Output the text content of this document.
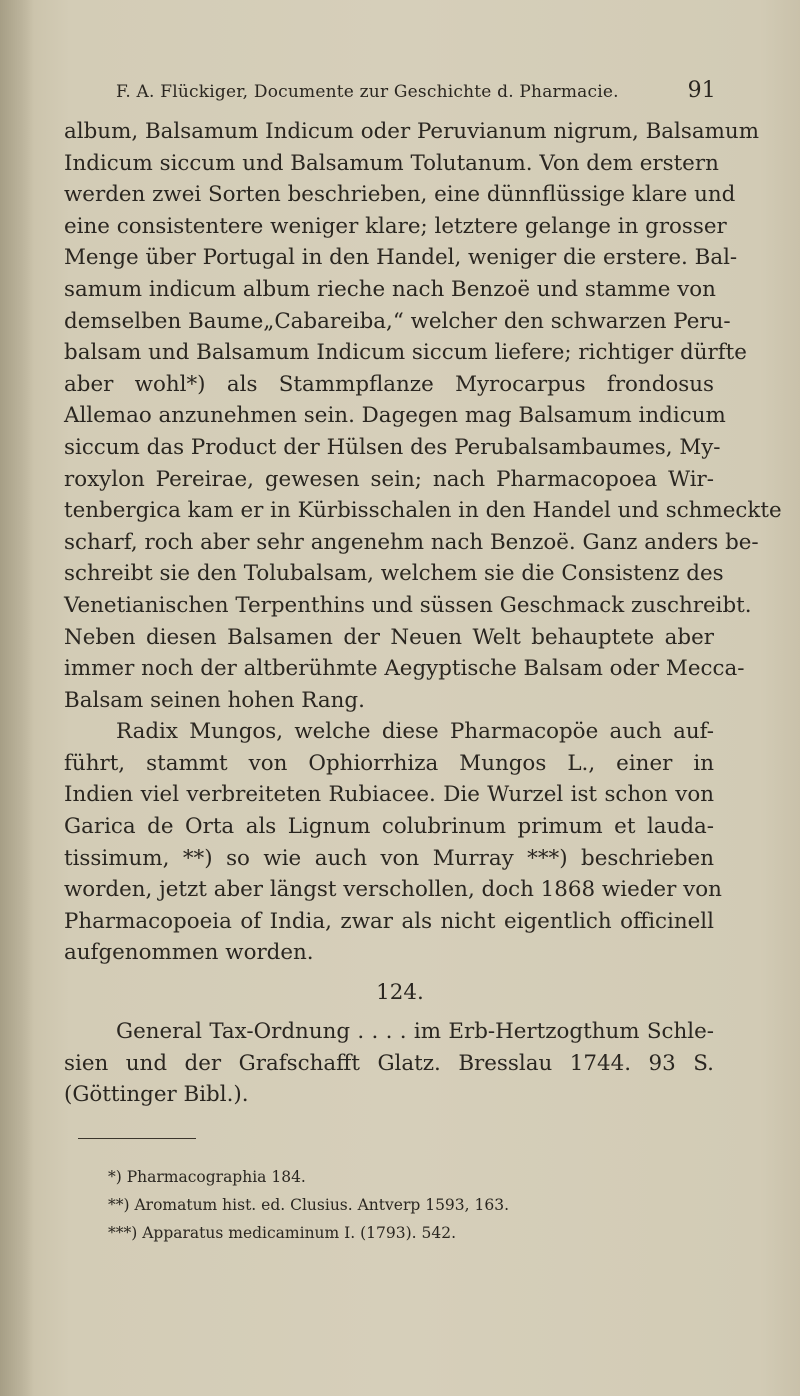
F. A. Flückiger, Documente zur Geschichte d. Pharmacie.	91
album, Balsamum Indicum oder Peruvianum nigrum, Balsamum
Indicum siccum und Balsamum Tolutanum. Von dem erstern
werden zwei Sorten beschrieben, eine dünnflüssige klare und
eine consistentere weniger klare; letztere gelange in grosser
Menge über Portugal in den Handel, weniger die erstere. Bal-
samum indicum album rieche nach Benzoë und stamme von
demselben Baume„Cabareiba,“ welcher den schwarzen Peru-
balsam und Balsamum Indicum siccum liefere; richtiger dürfte
aber wohl*) als Stammpflanze Myrocarpus frondosus
Allemao anzunehmen sein. Dagegen mag Balsamum indicum
siccum das Product der Hülsen des Perubalsambaumes, My-
roxylon Pereirae, gewesen sein; nach Pharmacopoea Wir-
tenbergica kam er in Kürbisschalen in den Handel und schmeckte
scharf, roch aber sehr angenehm nach Benzoë. Ganz anders be-
schreibt sie den Tolubalsam, welchem sie die Consistenz des
Venetianischen Terpenthins und süssen Geschmack zuschreibt.
Neben diesen Balsamen der Neuen Welt behauptete aber
immer noch der altberühmte Aegyptische Balsam oder Mecca-
Balsam seinen hohen Rang.
Radix Mungos, welche diese Pharmacopöe auch auf-
führt, stammt von Ophiorrhiza Mungos L., einer in
Indien viel verbreiteten Rubiacee. Die Wurzel ist schon von
Garica de Orta als Lignum colubrinum primum et lauda-
tissimum, **) so wie auch von Murray ***) beschrieben
worden, jetzt aber längst verschollen, doch 1868 wieder von
Pharmacopoeia of India, zwar als nicht eigentlich officinell
aufgenommen worden.
124.
General Tax-Ordnung . . . . im Erb-Hertzogthum Schle-
sien und der Grafschafft Glatz. Bresslau 1744. 93 S.
(Göttinger Bibl.).
*) Pharmacographia 184.
**) Aromatum hist. ed. Clusius. Antverp 1593, 163.
***) Apparatus medicaminum I. (1793). 542.
